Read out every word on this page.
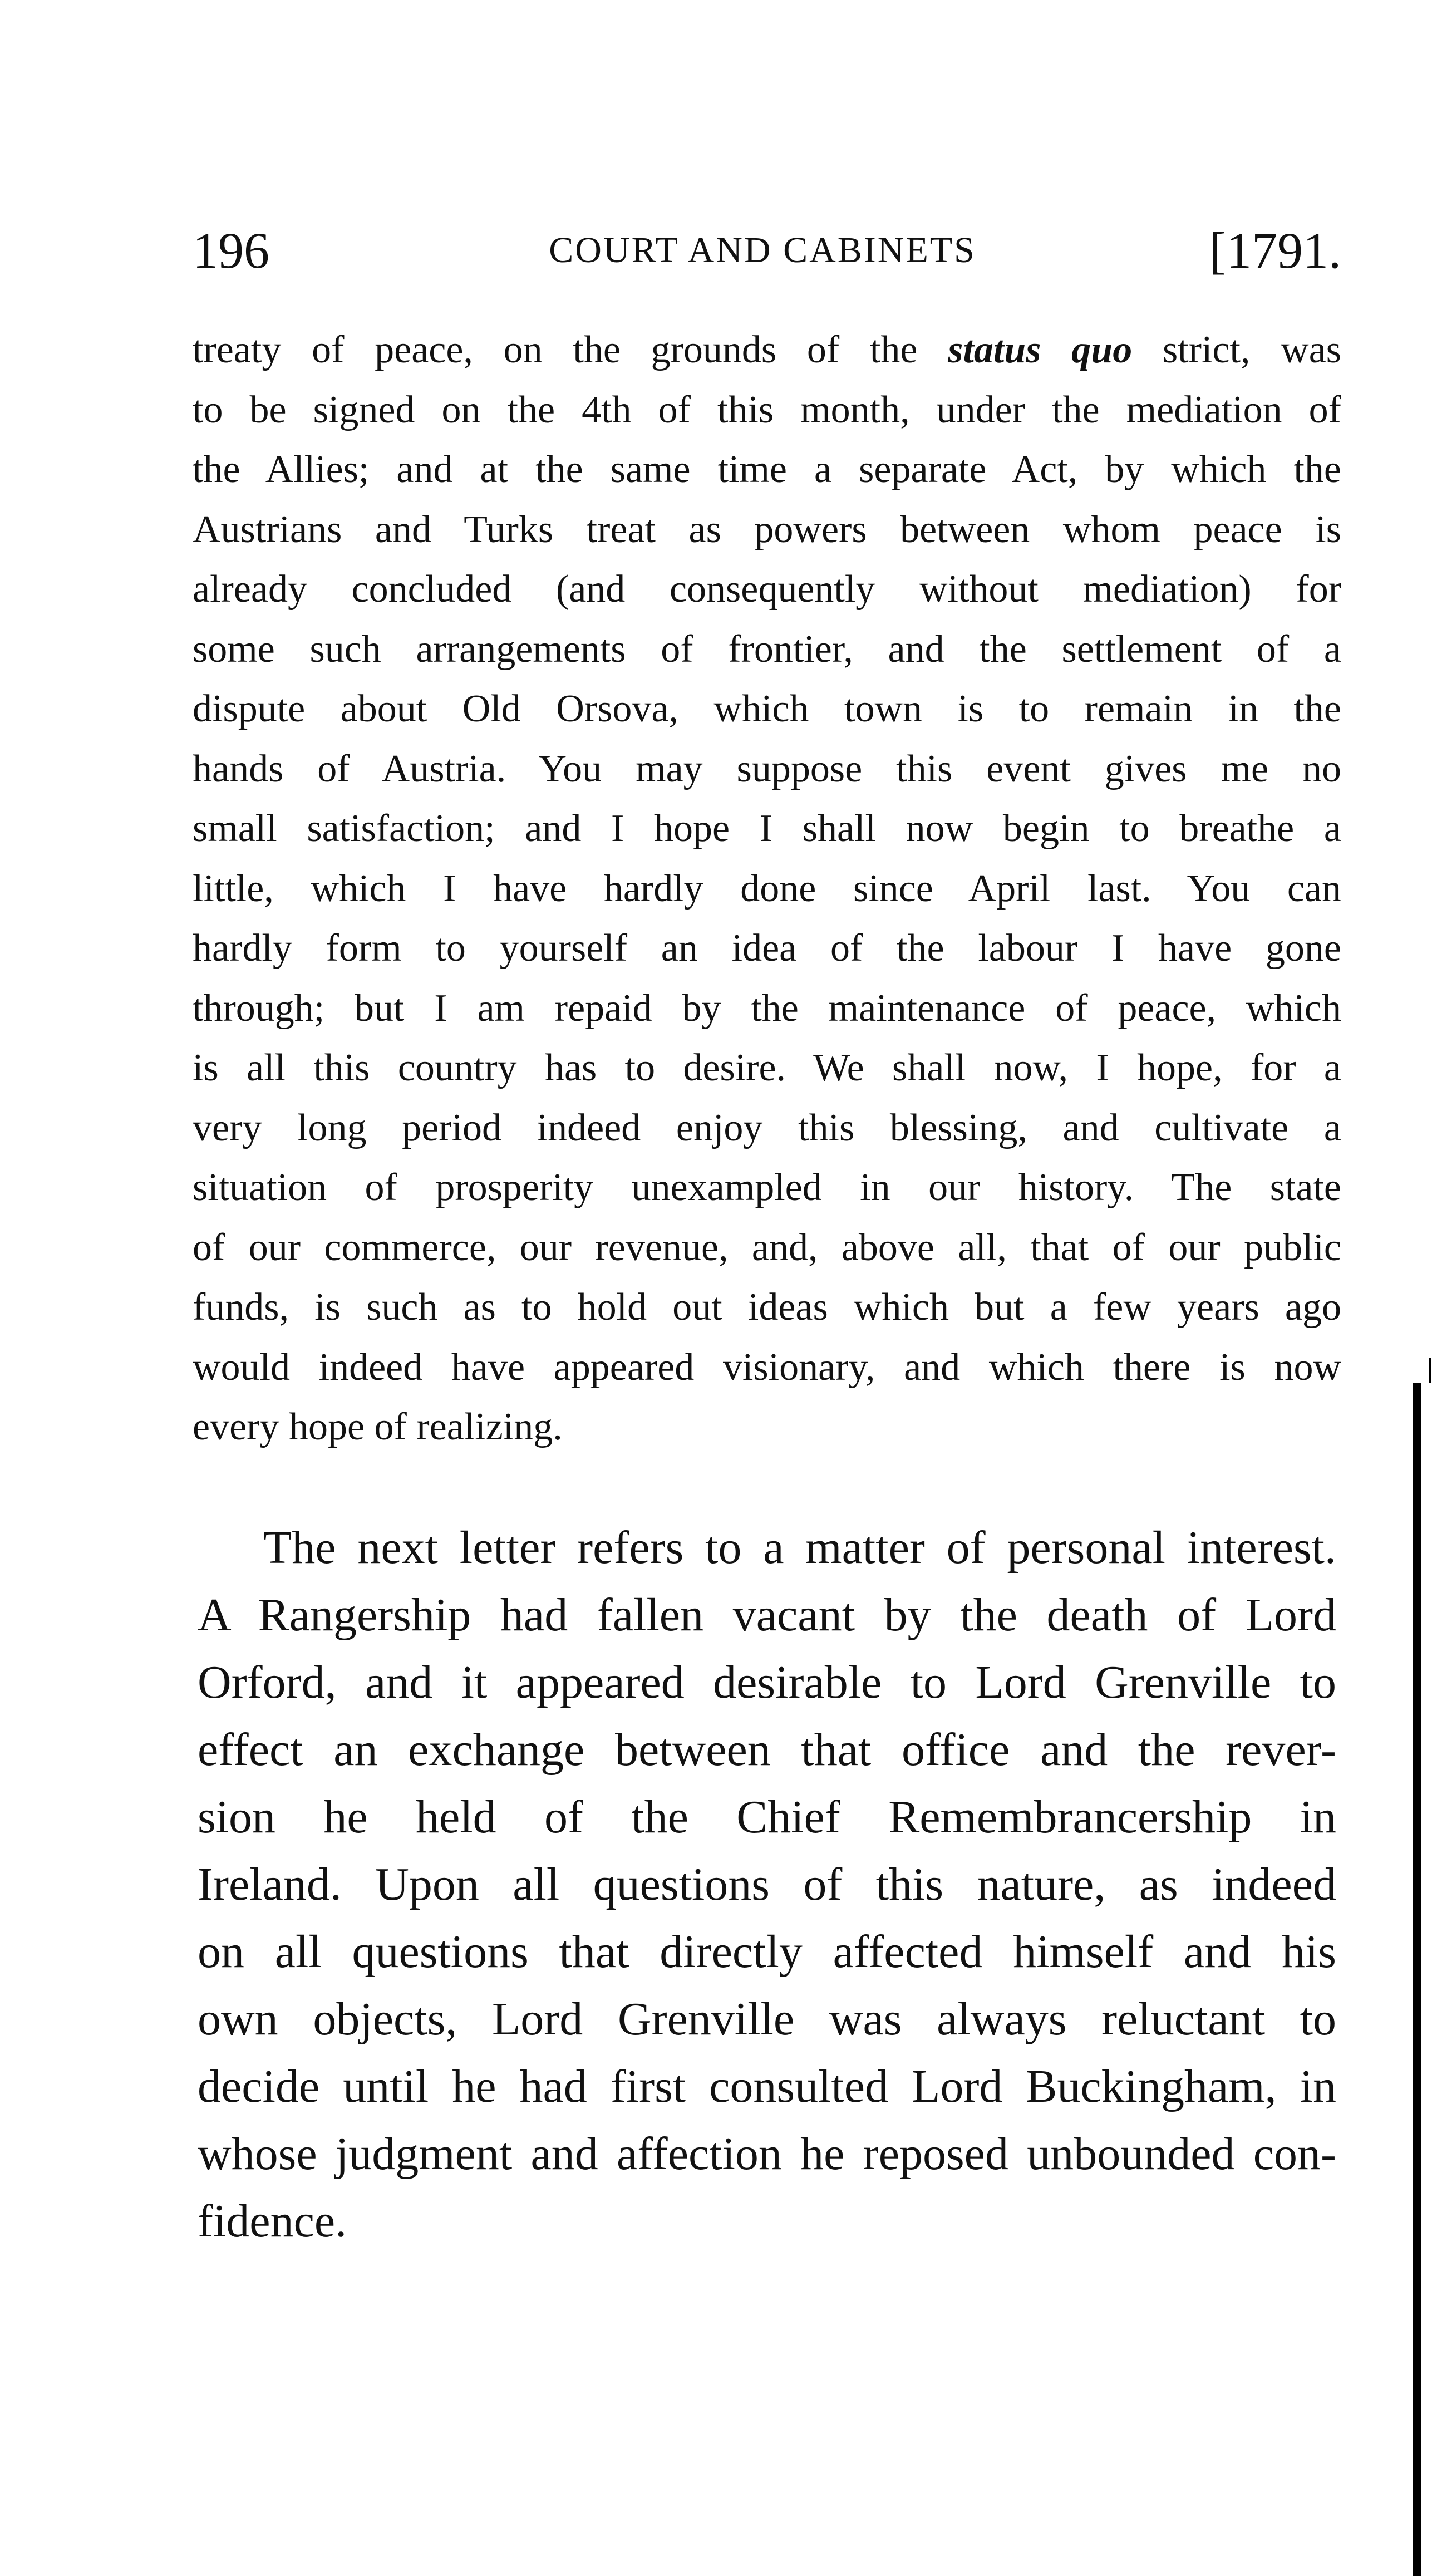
196	COURT AND CABINETS	[1791.
treaty of peace, on the grounds of the status quo strict, was
to be signed on the 4th of this month, under the mediation of
the Allies; and at the same time a separate Act, by which the
Austrians and Turks treat as powers between whom peace is
already concluded (and consequently without mediation) for
some such arrangements of frontier, and the settlement of a
dispute about Old Orsova, which town is to remain in the
hands of Austria. You may suppose this event gives me no
small satisfaction; and I hope I shall now begin to breathe a
little, which I have hardly done since April last. You can
hardly form to yourself an idea of the labour I have gone
through; but I am repaid by the maintenance of peace, which
is all this country has to desire. We shall now, I hope, for a
very long period indeed enjoy this blessing, and cultivate a
situation of prosperity unexampled in our history. The state
of our commerce, our revenue, and, above all, that of our public
funds, is such as to hold out ideas which but a few years ago
would indeed have appeared visionary, and which there is now
every hope of realizing.
The next letter refers to a matter of personal interest.
A Rangership had fallen vacant by the death of Lord
Orford, and it appeared desirable to Lord Grenville to
effect an exchange between that office and the rever-
sion he held of the Chief Remembrancership in
Ireland. Upon all questions of this nature, as indeed
on all questions that directly affected himself and his
own objects, Lord Grenville was always reluctant to
decide until he had first consulted Lord Buckingham, in
whose judgment and affection he reposed unbounded con-
fidence.
